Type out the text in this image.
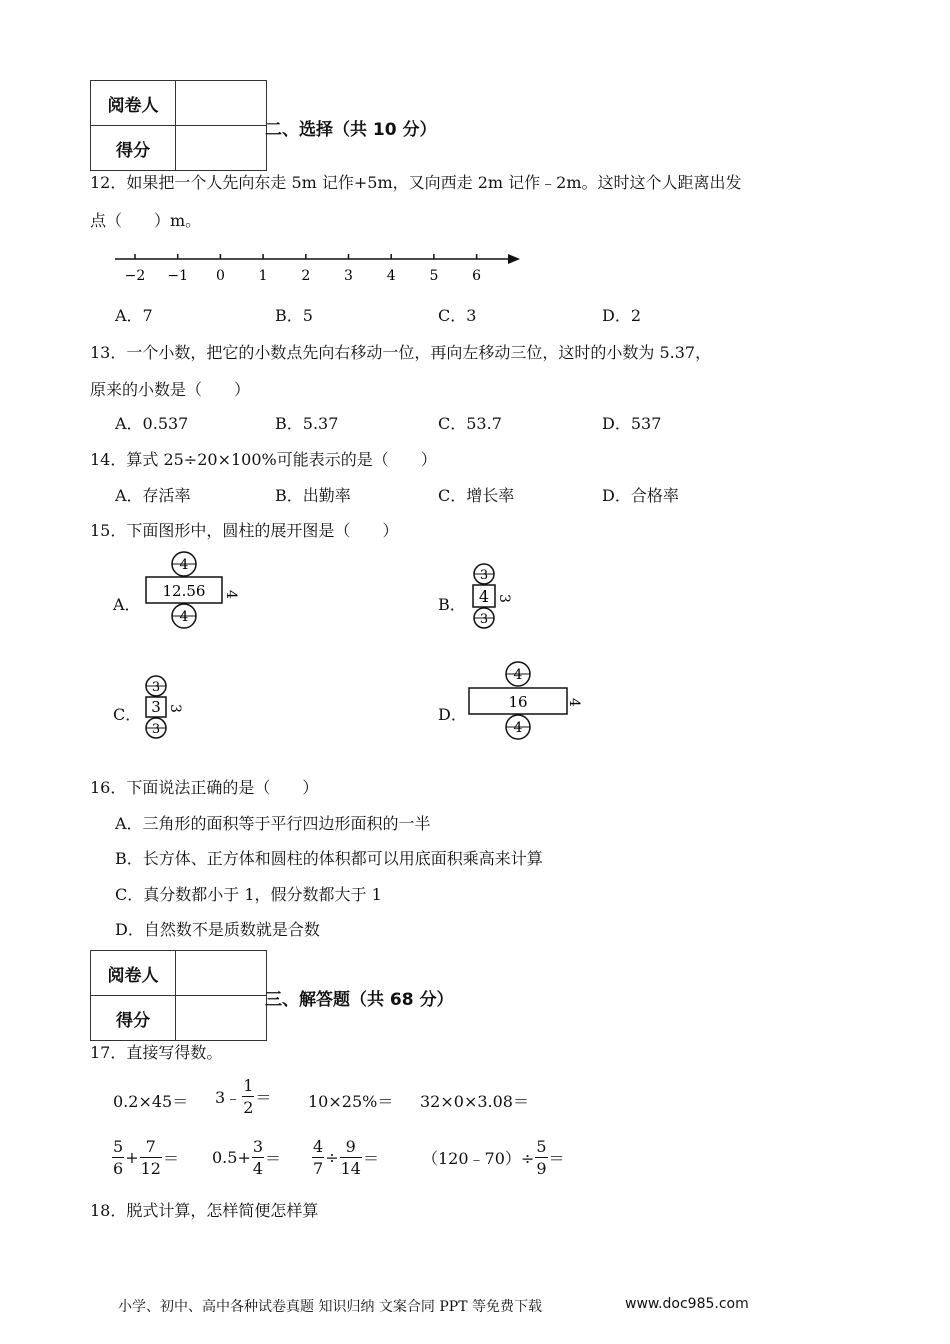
阅卷人	
得分	
二、选择（共 10 分）
12．如果把一个人先向东走 5m 记作+5m，又向西走 2m 记作﹣2m。这时这个人距离出发
点（　　）m。
−2 −1 0 1 2 3 4 5 6
A．7	B．5	C．3	D．2
13．一个小数，把它的小数点先向右移动一位，再向左移动三位，这时的小数为 5.37，
原来的小数是（　　）
A．0.537	B．5.37	C．53.7	D．537
14．算式 25÷20×100%可能表示的是（　　）
A．存活率	B．出勤率	C．增长率	D．合格率
15．下面图形中，圆柱的展开图是（　　）
A．
4
12.56
4
4
B．
3
4
3
3
C．
3
3
3
3	D．
4
16
4
4
16．下面说法正确的是（　　）
A．三角形的面积等于平行四边形面积的一半
B．长方体、正方体和圆柱的体积都可以用底面积乘高来计算
C．真分数都小于 1，假分数都大于 1
D．自然数不是质数就是合数
阅卷人	
得分	
三、解答题（共 68 分）
17．直接写得数。
0.2×45＝ 3﹣ $\frac{1}{2} = 10\times 25\%= 32\times 0\times 3.08=$
$\frac{5}{6} + \frac{7}{12} = 0.5+ \frac{3}{4} = \frac{4}{7} \div \frac{9}{14}$ ＝	（120﹣70）÷ $\frac{5}{9}$ ＝
18．脱式计算，怎样简便怎样算
小学、初中、高中各种试卷真题 知识归纳 文案合同 PPT 等免费下载	www.doc985.com
